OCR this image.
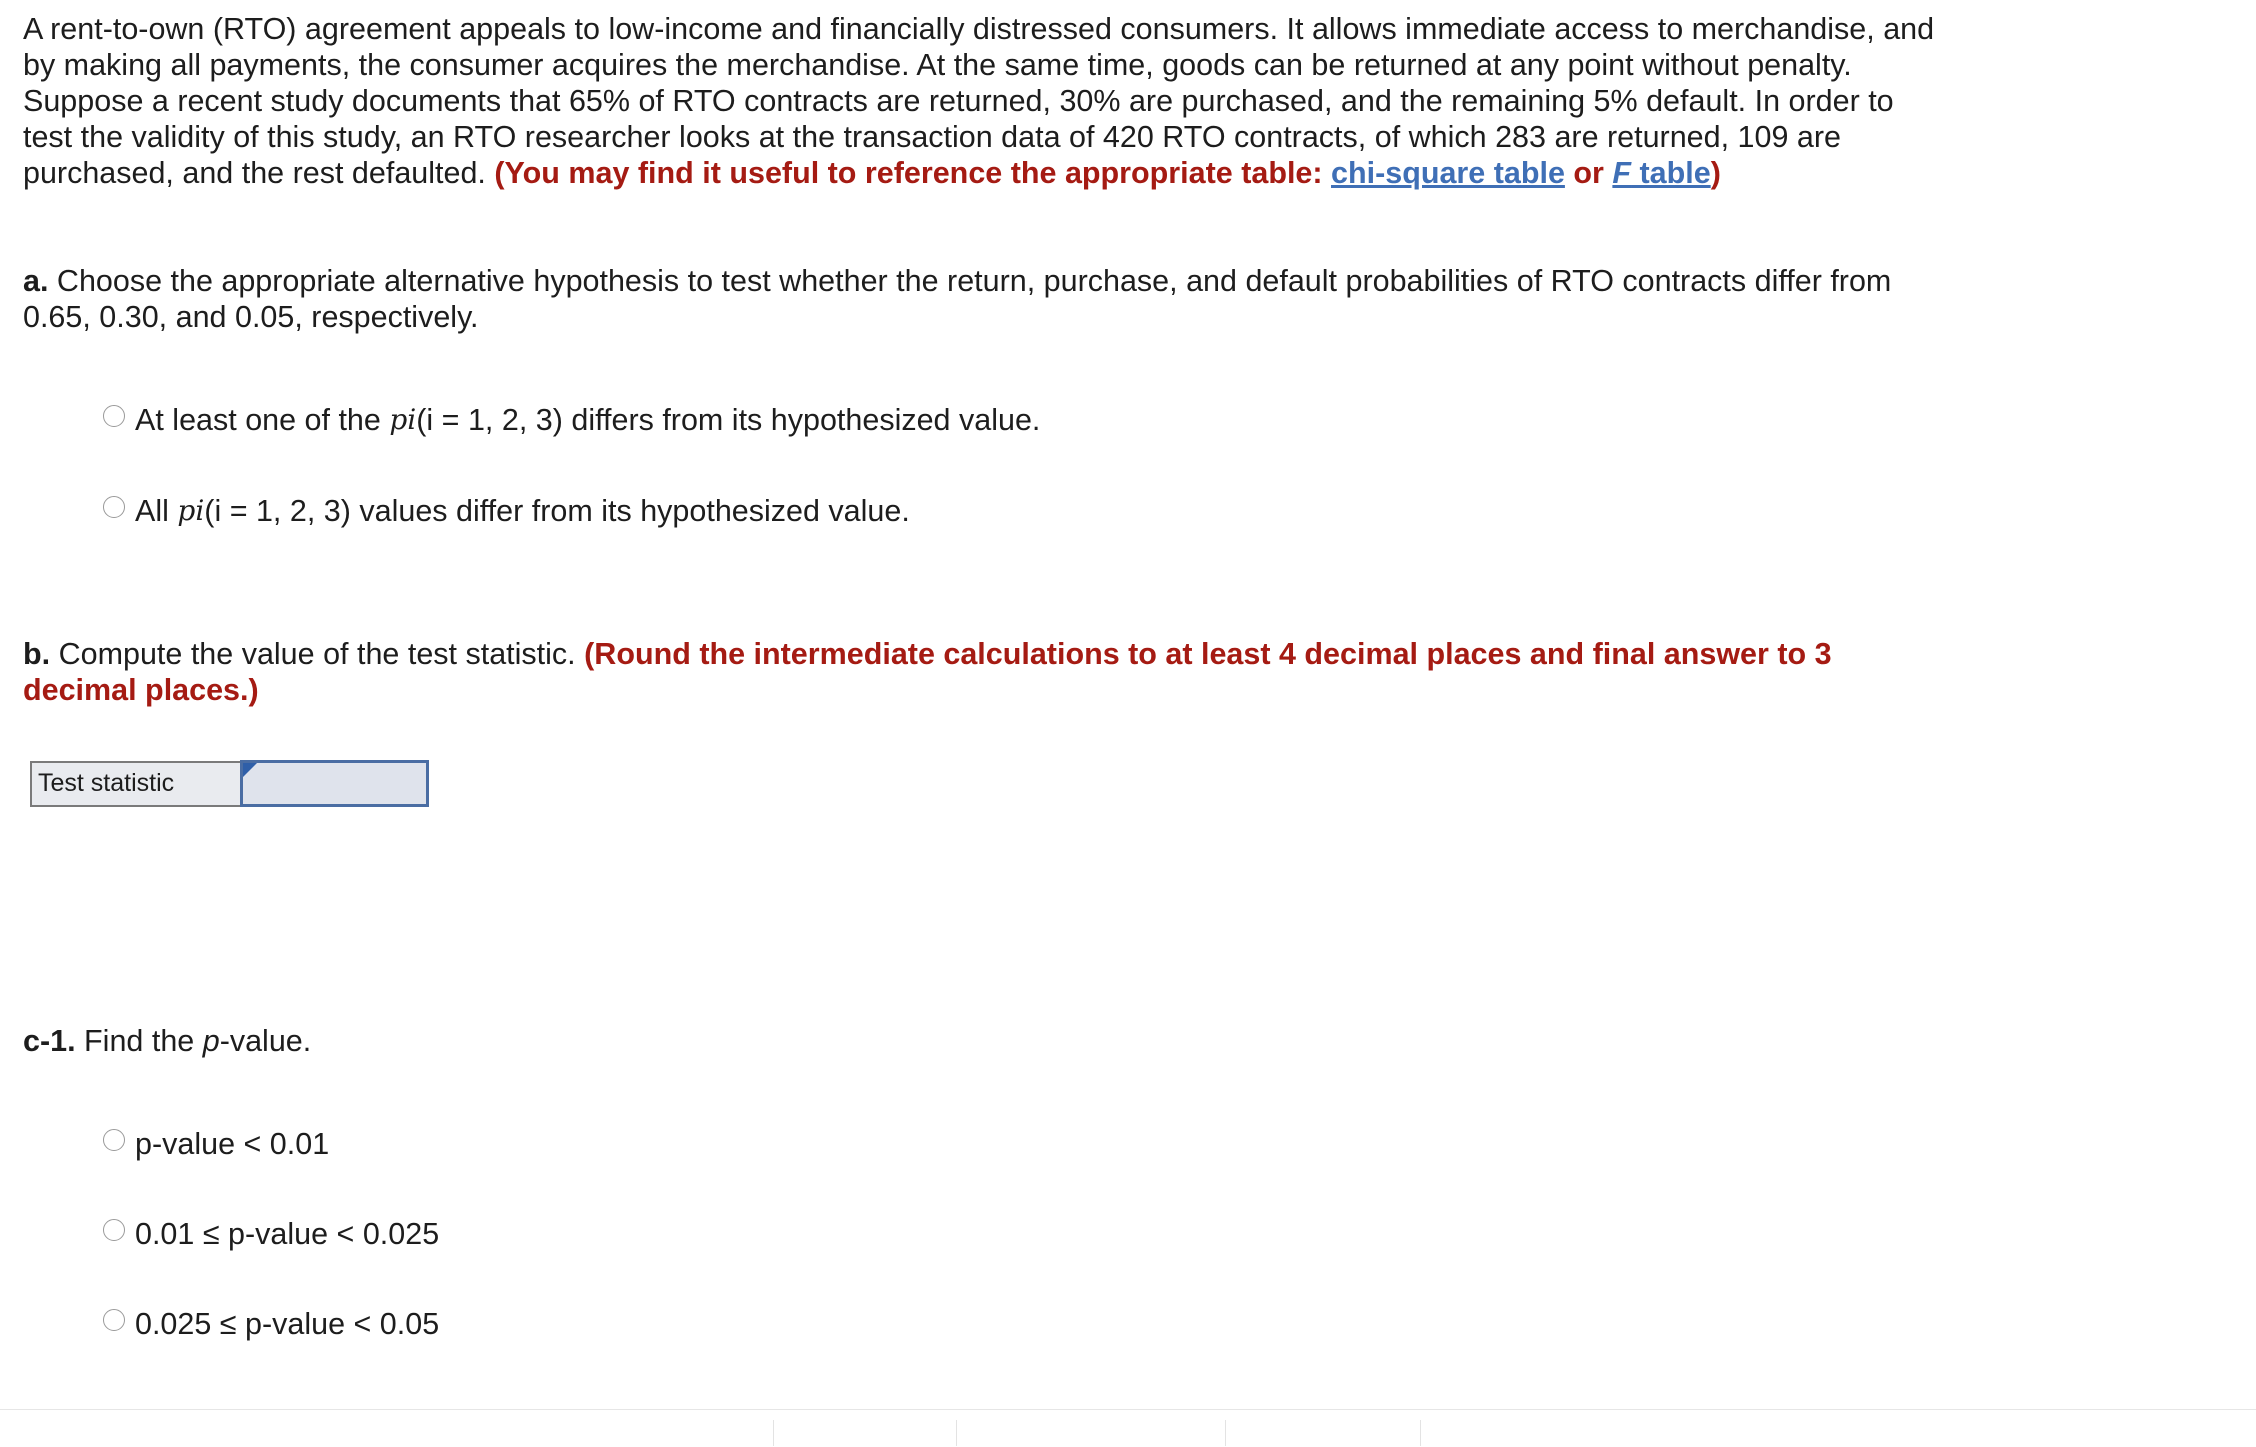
A rent-to-own (RTO) agreement appeals to low-income and financially distressed consumers. It allows immediate access to merchandise, and by making all payments, the consumer acquires the merchandise. At the same time, goods can be returned at any point without penalty. Suppose a recent study documents that 65% of RTO contracts are returned, 30% are purchased, and the remaining 5% default. In order to test the validity of this study, an RTO researcher looks at the transaction data of 420 RTO contracts, of which 283 are returned, 109 are purchased, and the rest defaulted. (You may find it useful to reference the appropriate table: chi-square table or F table)

a. Choose the appropriate alternative hypothesis to test whether the return, purchase, and default probabilities of RTO contracts differ from 0.65, 0.30, and 0.05, respectively.

At least one of the
pi (i = 1, 2, 3) differs from its hypothesized value.
All
pi (i = 1, 2, 3) values differ from its hypothesized value.

b. Compute the value of the test statistic. (Round the intermediate calculations to at least 4 decimal places and final answer to 3 decimal places.)

Test statistic	

c-1. Find the p-value.

p-value < 0.01
0.01 ≤ p-value < 0.025
0.025 ≤ p-value < 0.05
